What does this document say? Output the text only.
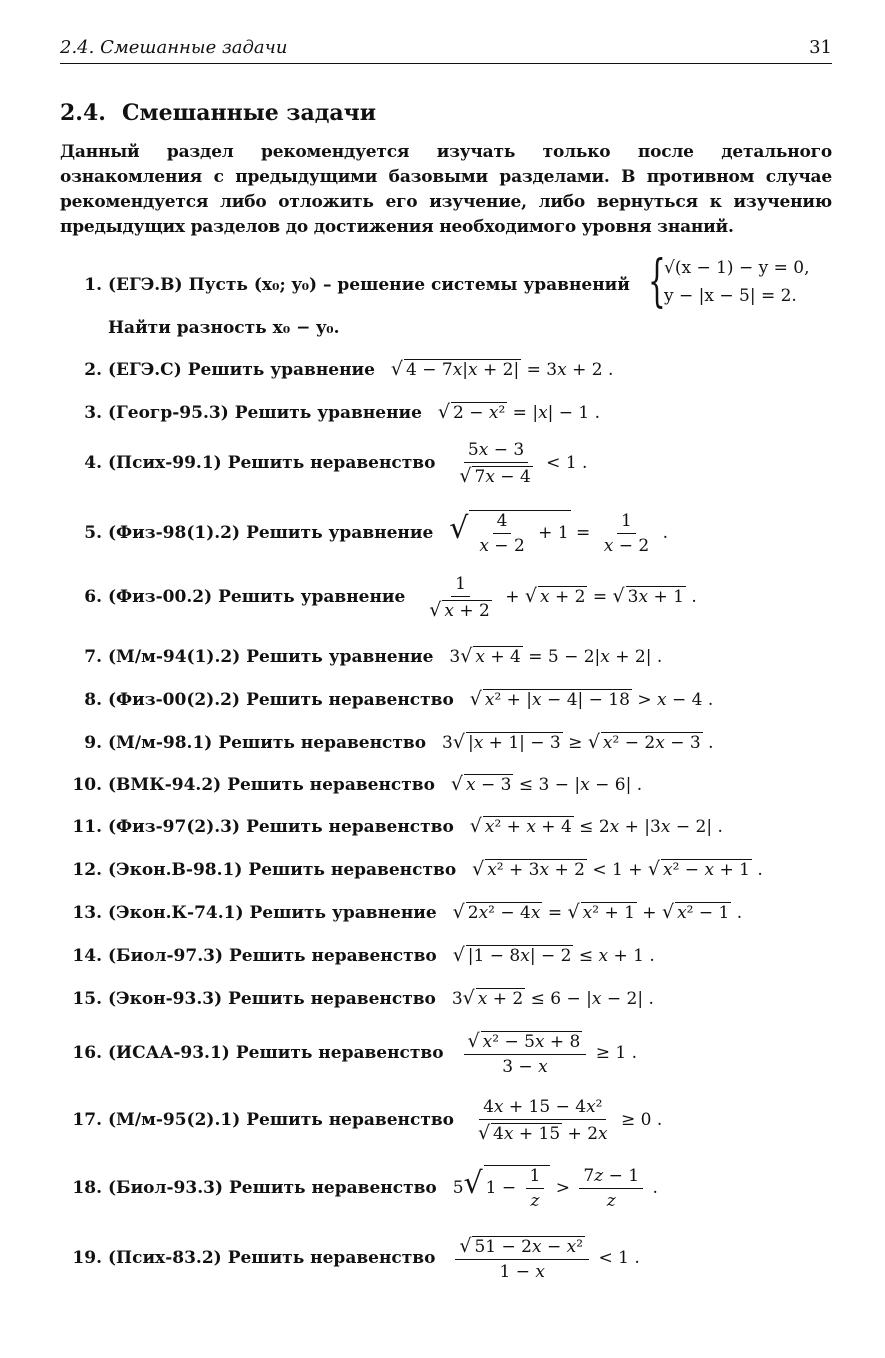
2.4. Смешанные задачи	31
2.4. Смешанные задачи
Данный раздел рекомендуется изучать только после детального ознакомления с предыдущими базовыми разделами. В противном случае рекомендуется либо отложить его изучение, либо вернуться к изучению предыдущих разделов до достижения необходимого уровня знаний.
1. (ЕГЭ.В) Пусть (x₀; y₀) – решение системы уравнений {
√(x − 1) − y = 0,
y − |x − 5| = 2.
Найти разность x₀ − y₀.
2. (ЕГЭ.С) Решить уравнение √ 4 − 7x|x + 2| = 3x + 2 .
3. (Геогр-95.3) Решить уравнение √ 2 − x² = |x| − 1 .
4. (Псих-99.1) Решить неравенство $\frac{5x - 3}{√ 7x - 4} < 1$ .
5. (Физ-98(1).2) Решить уравнение √ $\frac{4}{x - 2} + 1 = \frac{1}{x - 2}$ .
6. (Физ-00.2) Решить уравнение $\frac{1}{√ x + 2}$ + √ x + 2 = √ 3x + 1 .
7. (М/м-94(1).2) Решить уравнение 3√ x + 4 = 5 − 2|x + 2| .
8. (Физ-00(2).2) Решить неравенство √ x² + |x − 4| − 18 > x − 4 .
9. (М/м-98.1) Решить неравенство 3√ |x + 1| − 3 ≥ √ x² − 2x − 3 .
10. (ВМК-94.2) Решить неравенство √ x − 3 ≤ 3 − |x − 6| .
11. (Физ-97(2).3) Решить неравенство √ x² + x + 4 ≤ 2x + |3x − 2| .
12. (Экон.В-98.1) Решить неравенство √ x² + 3x + 2 < 1 + √ x² − x + 1 .
13. (Экон.К-74.1) Решить уравнение √ 2x² − 4x = √ x² + 1 + √ x² − 1 .
14. (Биол-97.3) Решить неравенство √ |1 − 8x| − 2 ≤ x + 1 .
15. (Экон-93.3) Решить неравенство 3√ x + 2 ≤ 6 − |x − 2| .
16. (ИСАА-93.1) Решить неравенство $\frac{\text{√ x² − 5x + 8}}{3 - x} \ge 1$ .
17. (М/м-95(2).1) Решить неравенство $\frac{\text{4x + 15 − 4x²}}{√ 4x + 15 + 2x} \ge 0$ .
18. (Биол-93.3) Решить неравенство 5√ $1 - \frac{1}{z} > \frac{7z - 1}{z}$ .
19. (Псих-83.2) Решить неравенство $\frac{\text{√ 51 − 2x − x²}}{1 - x} < 1$ .
